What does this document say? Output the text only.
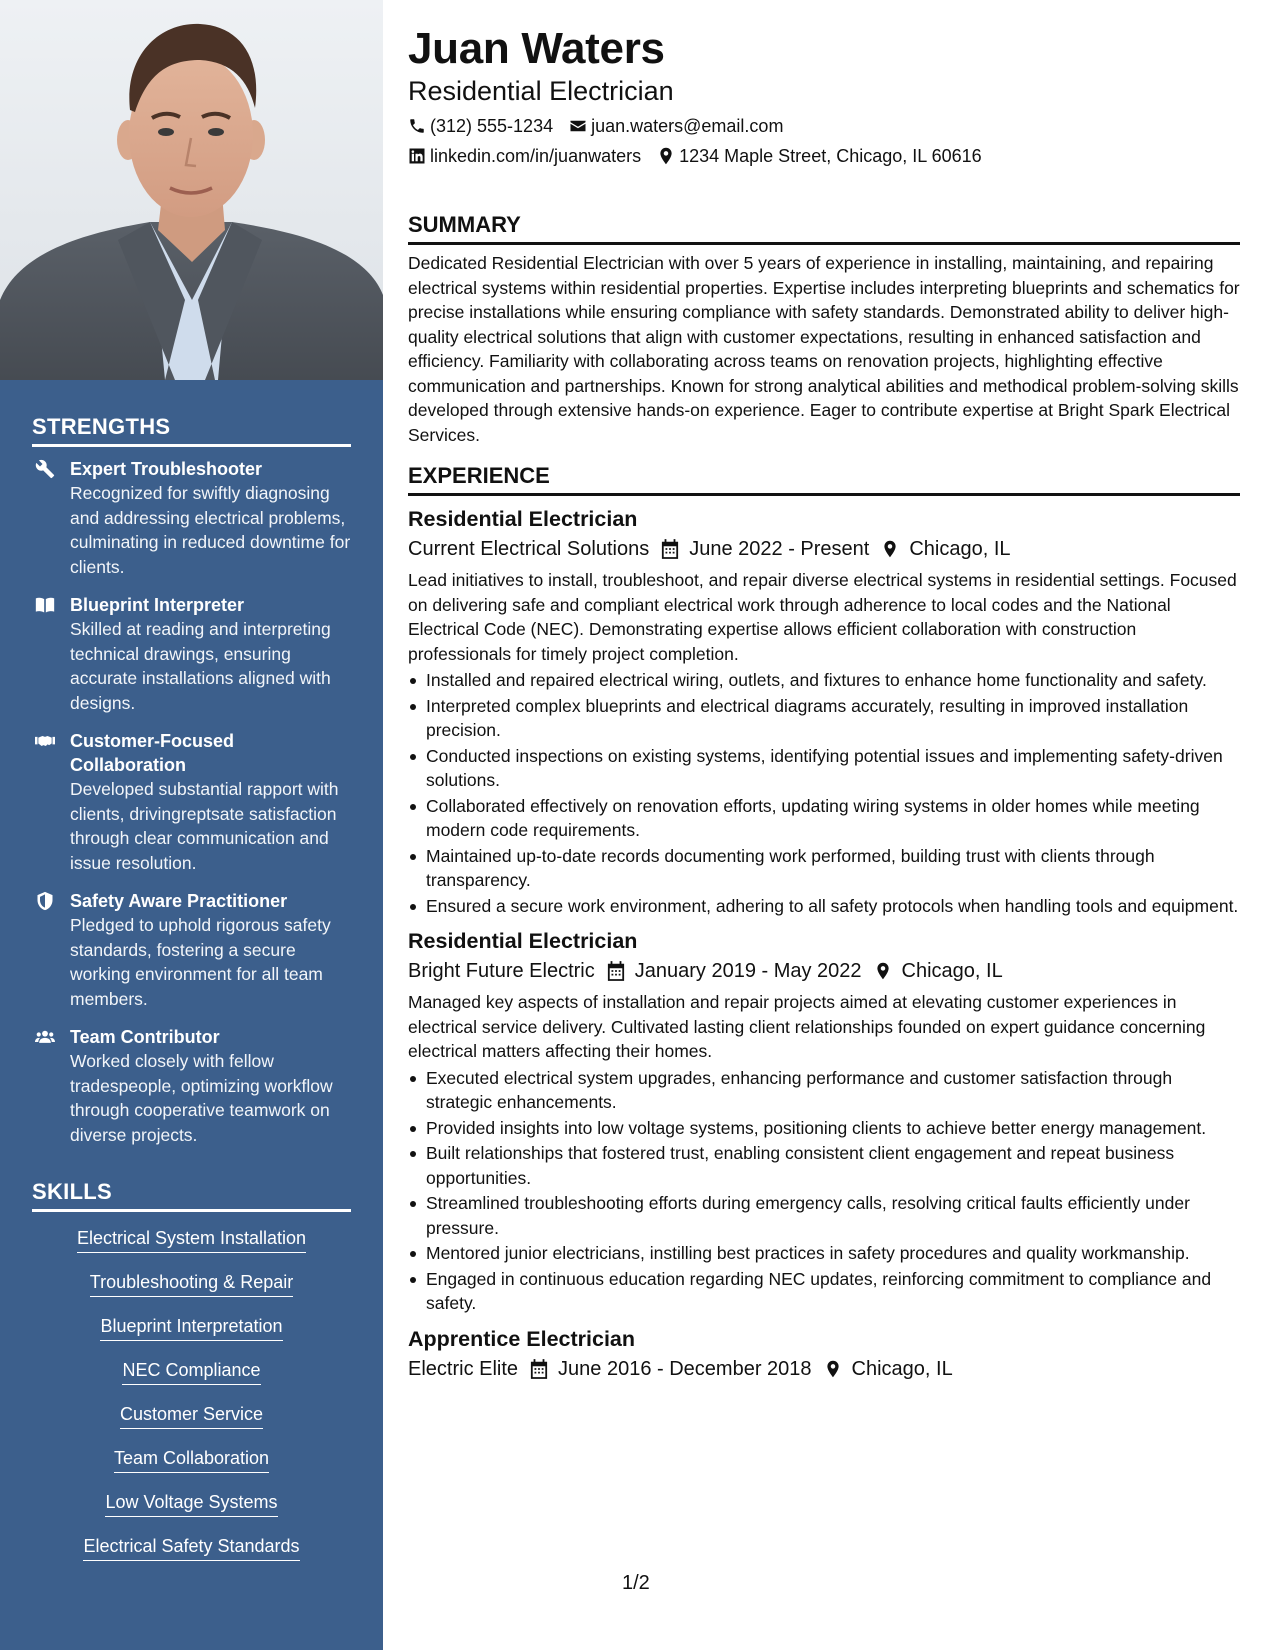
STRENGTHS
Expert Troubleshooter
Recognized for swiftly diagnosing and addressing electrical problems, culminating in reduced downtime for clients.
Blueprint Interpreter
Skilled at reading and interpreting technical drawings, ensuring accurate installations aligned with designs.
Customer-Focused Collaboration
Developed substantial rapport with clients, drivingreptsate satisfaction through clear communication and issue resolution.
Safety Aware Practitioner
Pledged to uphold rigorous safety standards, fostering a secure working environment for all team members.
Team Contributor
Worked closely with fellow tradespeople, optimizing workflow through cooperative teamwork on diverse projects.
SKILLS
Electrical System Installation
Troubleshooting & Repair
Blueprint Interpretation
NEC Compliance
Customer Service
Team Collaboration
Low Voltage Systems
Electrical Safety Standards
Juan Waters
Residential Electrician
(312) 555-1234 juan.waters@email.com
linkedin.com/in/juanwaters 1234 Maple Street, Chicago, IL 60616
SUMMARY

Dedicated Residential Electrician with over 5 years of experience in installing, maintaining, and repairing electrical systems within residential properties. Expertise includes interpreting blueprints and schematics for precise installations while ensuring compliance with safety standards. Demonstrated ability to deliver high-quality electrical solutions that align with customer expectations, resulting in enhanced satisfaction and efficiency. Familiarity with collaborating across teams on renovation projects, highlighting effective communication and partnerships. Known for strong analytical abilities and methodical problem-solving skills developed through extensive hands-on experience. Eager to contribute expertise at Bright Spark Electrical Services.

EXPERIENCE
Residential Electrician
Current Electrical Solutions June 2022 - Present Chicago, IL

Lead initiatives to install, troubleshoot, and repair diverse electrical systems in residential settings. Focused on delivering safe and compliant electrical work through adherence to local codes and the National Electrical Code (NEC). Demonstrating expertise allows efficient collaboration with construction professionals for timely project completion.

Installed and repaired electrical wiring, outlets, and fixtures to enhance home functionality and safety.
Interpreted complex blueprints and electrical diagrams accurately, resulting in improved installation precision.
Conducted inspections on existing systems, identifying potential issues and implementing safety-driven solutions.
Collaborated effectively on renovation efforts, updating wiring systems in older homes while meeting modern code requirements.
Maintained up-to-date records documenting work performed, building trust with clients through transparency.
Ensured a secure work environment, adhering to all safety protocols when handling tools and equipment.
Residential Electrician
Bright Future Electric January 2019 - May 2022 Chicago, IL

Managed key aspects of installation and repair projects aimed at elevating customer experiences in electrical service delivery. Cultivated lasting client relationships founded on expert guidance concerning electrical matters affecting their homes.

Executed electrical system upgrades, enhancing performance and customer satisfaction through strategic enhancements.
Provided insights into low voltage systems, positioning clients to achieve better energy management.
Built relationships that fostered trust, enabling consistent client engagement and repeat business opportunities.
Streamlined troubleshooting efforts during emergency calls, resolving critical faults efficiently under pressure.
Mentored junior electricians, instilling best practices in safety procedures and quality workmanship.
Engaged in continuous education regarding NEC updates, reinforcing commitment to compliance and safety.
Apprentice Electrician
Electric Elite June 2016 - December 2018 Chicago, IL
1/2
